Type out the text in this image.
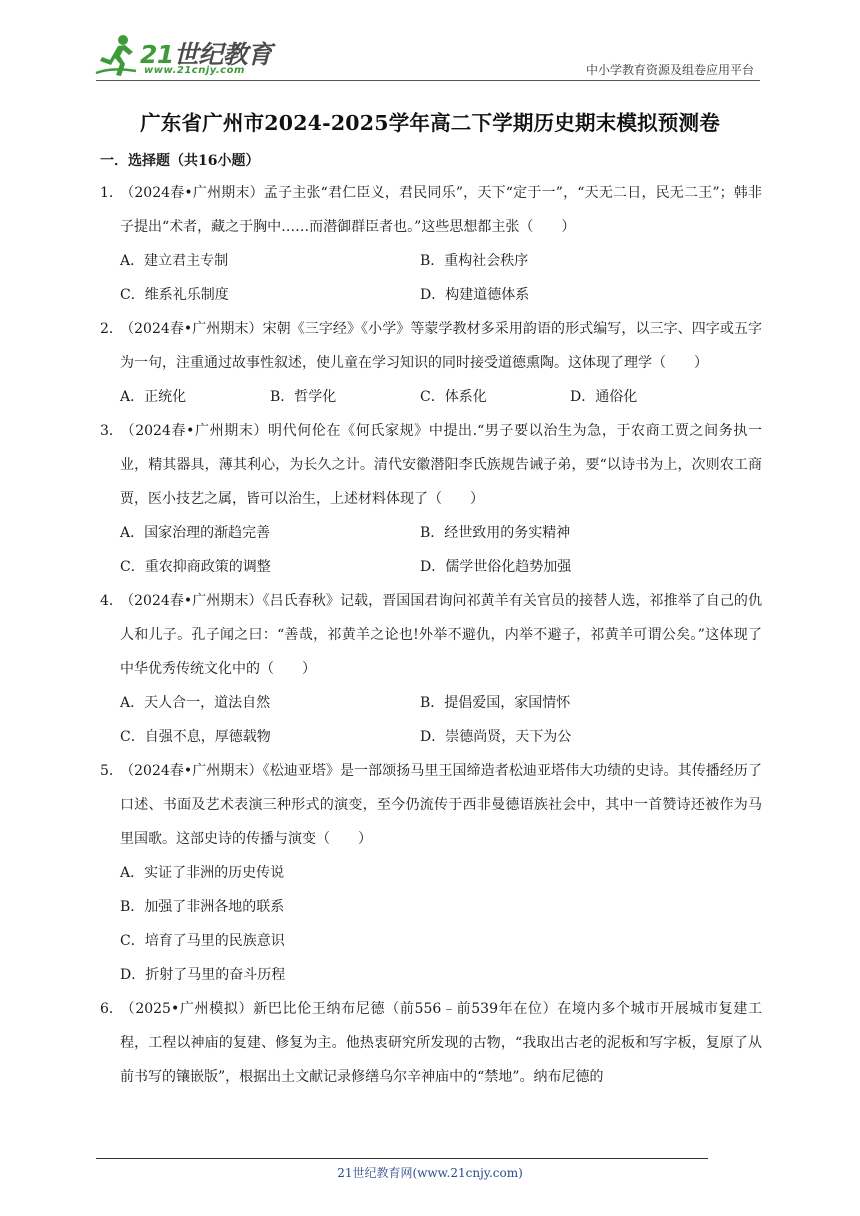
21世纪教育
www.21cnjy.com	中小学教育资源及组卷应用平台
广东省广州市2024-2025学年高二下学期历史期末模拟预测卷
一．选择题（共16小题）

1．（2024春•广州期末）孟子主张“君仁臣义，君民同乐”，天下“定于一”，“天无二日，民无二王”；韩非子提出“术者，藏之于胸中……而潜御群臣者也。”这些思想都主张（　　）

A．建立君主专制	B．重构社会秩序
C．维系礼乐制度	D．构建道德体系

2．（2024春•广州期末）宋朝《三字经》《小学》等蒙学教材多采用韵语的形式编写，以三字、四字或五字为一句，注重通过故事性叙述，使儿童在学习知识的同时接受道德熏陶。这体现了理学（　　）

A．正统化	B．哲学化	C．体系化	D．通俗化

3．（2024春•广州期末）明代何伦在《何氏家规》中提出.“男子要以治生为急，于农商工贾之间务执一业，精其器具，薄其利心，为长久之计。清代安徽潜阳李氏族规告诫子弟，要“以诗书为上，次则农工商贾，医小技艺之属，皆可以治生，上述材料体现了（　　）

A．国家治理的渐趋完善	B．经世致用的务实精神
C．重农抑商政策的调整	D．儒学世俗化趋势加强

4．（2024春•广州期末）《吕氏春秋》记载，晋国国君询问祁黄羊有关官员的接替人选，祁推举了自己的仇人和儿子。孔子闻之曰：“善哉，祁黄羊之论也!外举不避仇，内举不避子，祁黄羊可谓公矣。”这体现了中华优秀传统文化中的（　　）

A．天人合一，道法自然	B．提倡爱国，家国情怀
C．自强不息，厚德载物	D．崇德尚贤，天下为公

5．（2024春•广州期末）《松迪亚塔》是一部颂扬马里王国缔造者松迪亚塔伟大功绩的史诗。其传播经历了口述、书面及艺术表演三种形式的演变，至今仍流传于西非曼德语族社会中，其中一首赞诗还被作为马里国歌。这部史诗的传播与演变（　　）

A．实证了非洲的历史传说
B．加强了非洲各地的联系
C．培育了马里的民族意识
D．折射了马里的奋斗历程

6．（2025•广州模拟）新巴比伦王纳布尼德（前556﹣前539年在位）在境内多个城市开展城市复建工程，工程以神庙的复建、修复为主。他热衷研究所发现的古物，“我取出古老的泥板和写字板，复原了从前书写的镶嵌版”，根据出土文献记录修缮乌尔辛神庙中的“禁地”。纳布尼德的

21世纪教育网(www.21cnjy.com)
